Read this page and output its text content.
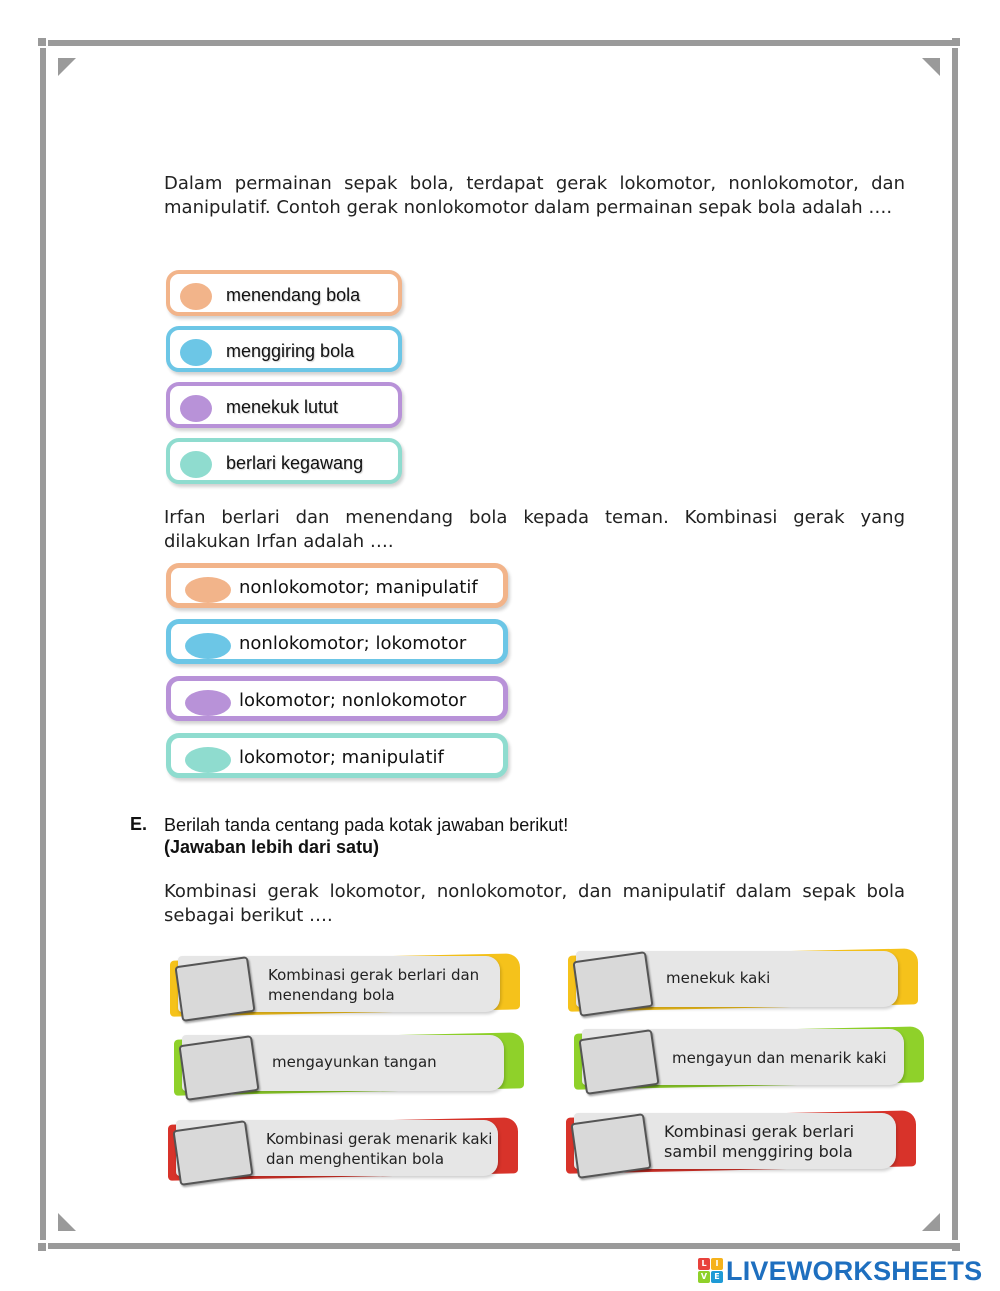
Dalam permainan sepak bola, terdapat gerak lokomotor, nonlokomotor, dan manipulatif. Contoh gerak nonlokomotor dalam permainan sepak bola adalah ….

menendang bola
menggiring bola
menekuk lutut
berlari kegawang

Irfan berlari dan menendang bola kepada teman. Kombinasi gerak yang dilakukan Irfan adalah ….

nonlokomotor; manipulatif
nonlokomotor; lokomotor
lokomotor; nonlokomotor
lokomotor; manipulatif
E. Berilah tanda centang pada kotak jawaban berikut!
(Jawaban lebih dari satu)

Kombinasi gerak lokomotor, nonlokomotor, dan manipulatif dalam sepak bola sebagai berikut ….

Kombinasi gerak berlari dan menendang bola
menekuk kaki
mengayunkan tangan	mengayun dan menarik kaki
Kombinasi gerak menarik kaki dan menghentikan bola
Kombinasi gerak berlari sambil menggiring bola
L	I
V E LIVEWORKSHEETS
